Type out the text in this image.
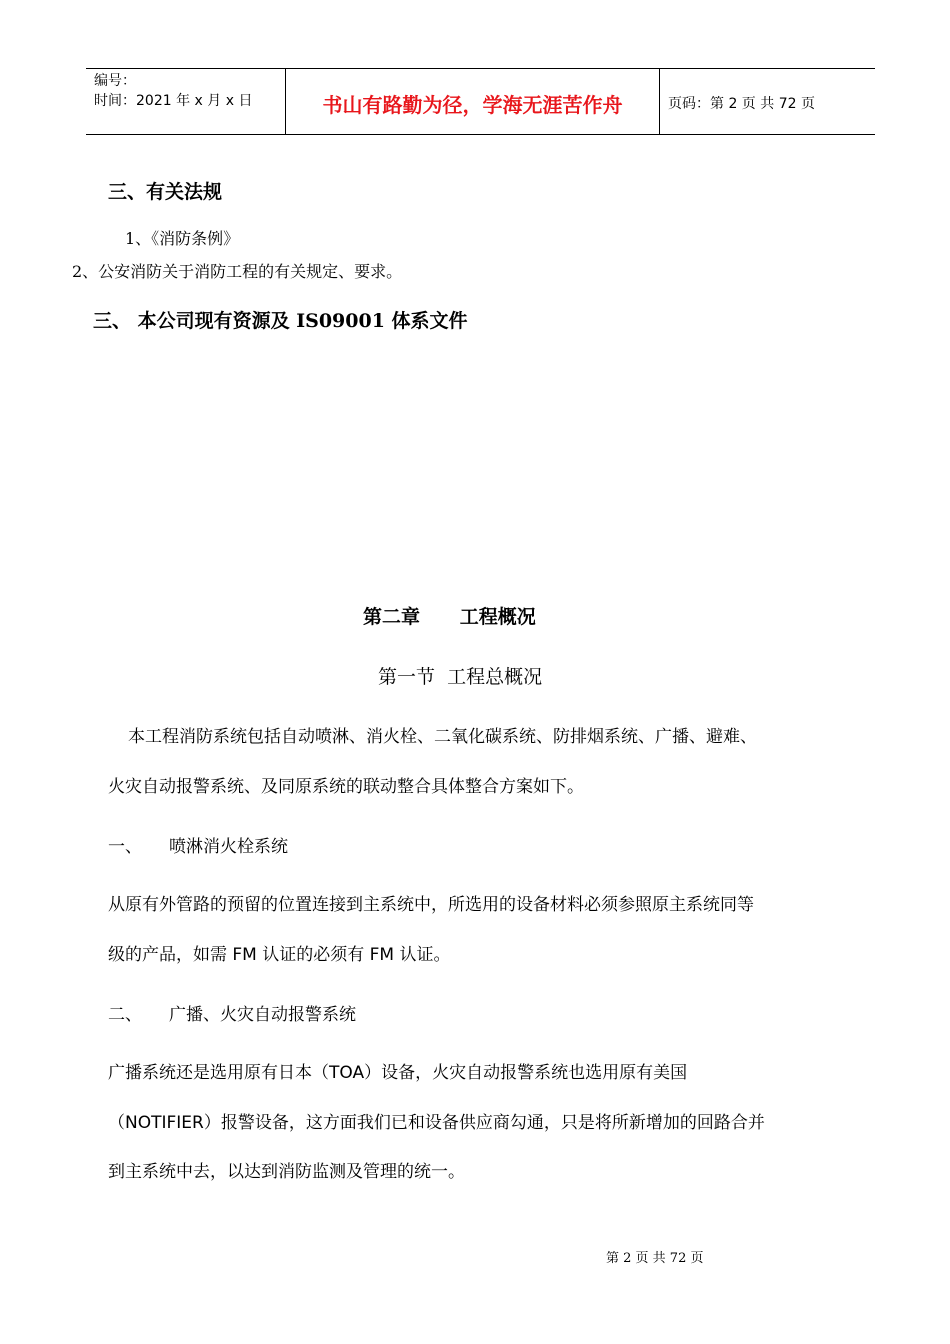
编号：
时间：2021 年 x 月 x 日	书山有路勤为径，学海无涯苦作舟	页码：第 2 页 共 72 页
三、有关法规
1、《消防条例》
2、公安消防关于消防工程的有关规定、要求。
三、 本公司现有资源及 IS09001 体系文件
第二章      工程概况
第一节  工程总概况
本工程消防系统包括自动喷淋、消火栓、二氧化碳系统、防排烟系统、广播、避难、
火灾自动报警系统、及同原系统的联动整合具体整合方案如下。
一、     喷淋消火栓系统
从原有外管路的预留的位置连接到主系统中，所选用的设备材料必须参照原主系统同等
级的产品，如需 FM 认证的必须有 FM 认证。
二、     广播、火灾自动报警系统
广播系统还是选用原有日本（TOA）设备，火灾自动报警系统也选用原有美国
（NOTIFIER）报警设备，这方面我们已和设备供应商勾通，只是将所新增加的回路合并
到主系统中去，以达到消防监测及管理的统一。
第 2 页 共 72 页
